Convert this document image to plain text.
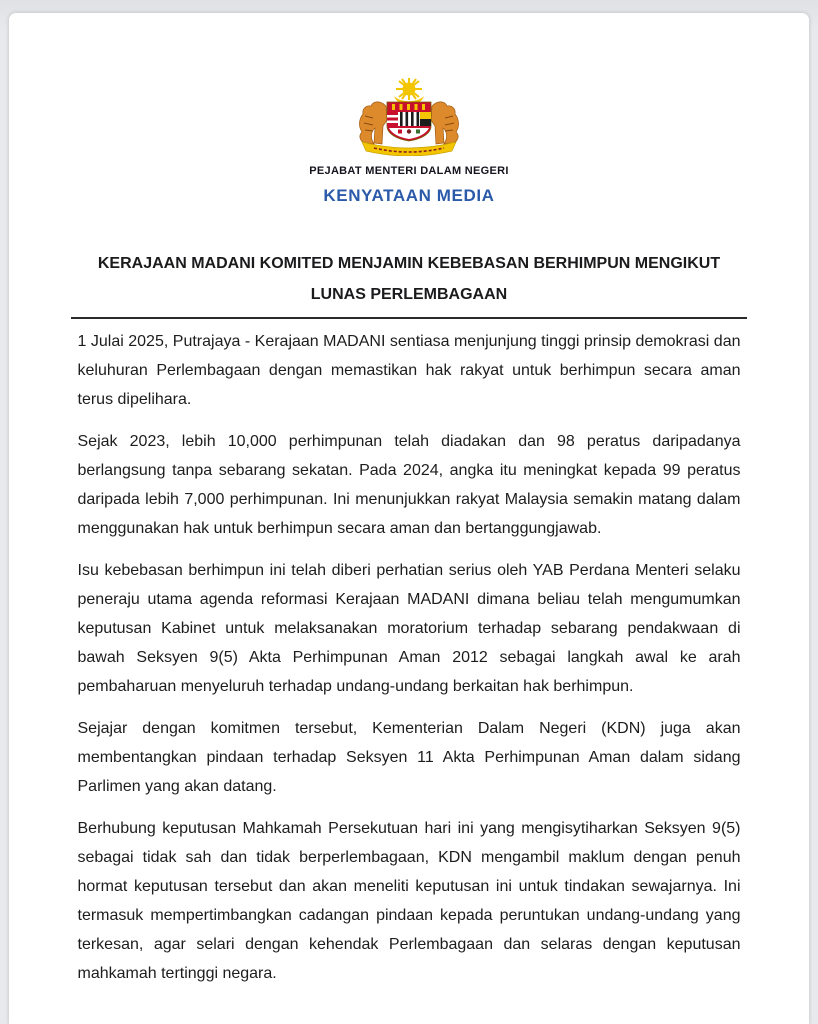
PEJABAT MENTERI DALAM NEGERI
KENYATAAN MEDIA
KERAJAAN MADANI KOMITED MENJAMIN KEBEBASAN BERHIMPUN MENGIKUT
LUNAS PERLEMBAGAAN

1 Julai 2025, Putrajaya - Kerajaan MADANI sentiasa menjunjung tinggi prinsip demokrasi dan keluhuran Perlembagaan dengan memastikan hak rakyat untuk berhimpun secara aman terus dipelihara.

Sejak 2023, lebih 10,000 perhimpunan telah diadakan dan 98 peratus daripadanya berlangsung tanpa sebarang sekatan. Pada 2024, angka itu meningkat kepada 99 peratus daripada lebih 7,000 perhimpunan. Ini menunjukkan rakyat Malaysia semakin matang dalam menggunakan hak untuk berhimpun secara aman dan bertanggungjawab.

Isu kebebasan berhimpun ini telah diberi perhatian serius oleh YAB Perdana Menteri selaku peneraju utama agenda reformasi Kerajaan MADANI dimana beliau telah mengumumkan keputusan Kabinet untuk melaksanakan moratorium terhadap sebarang pendakwaan di bawah Seksyen 9(5) Akta Perhimpunan Aman 2012 sebagai langkah awal ke arah pembaharuan menyeluruh terhadap undang-undang berkaitan hak berhimpun.

Sejajar dengan komitmen tersebut, Kementerian Dalam Negeri (KDN) juga akan membentangkan pindaan terhadap Seksyen 11 Akta Perhimpunan Aman dalam sidang Parlimen yang akan datang.

Berhubung keputusan Mahkamah Persekutuan hari ini yang mengisytiharkan Seksyen 9(5) sebagai tidak sah dan tidak berperlembagaan, KDN mengambil maklum dengan penuh hormat keputusan tersebut dan akan meneliti keputusan ini untuk tindakan sewajarnya. Ini termasuk mempertimbangkan cadangan pindaan kepada peruntukan undang-undang yang terkesan, agar selari dengan kehendak Perlembagaan dan selaras dengan keputusan mahkamah tertinggi negara.
